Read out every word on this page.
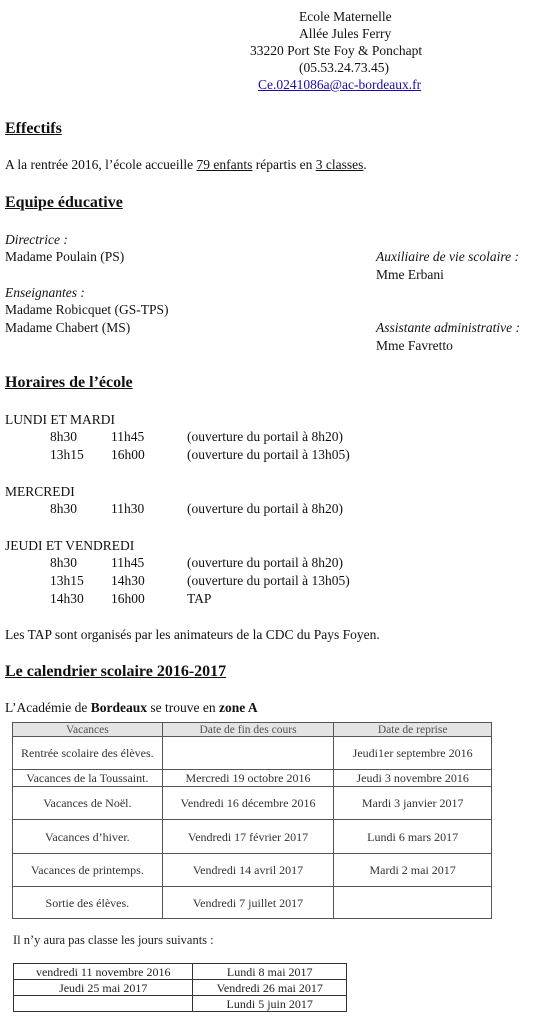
Ecole Maternelle
Allée Jules Ferry
33220 Port Ste Foy & Ponchapt
(05.53.24.73.45)
Ce.0241086a@ac-bordeaux.fr
Effectifs
A la rentrée 2016, l’école accueille 79 enfants répartis en 3 classes.
Equipe éducative
Directrice :
Madame Poulain (PS)
Enseignantes :
Madame Robicquet (GS-TPS)
Madame Chabert (MS)
Auxiliaire de vie scolaire :
Mme Erbani
Assistante administrative :
Mme Favretto
Horaires de l’école
LUNDI ET MARDI
8h30	11h45	(ouverture du portail à 8h20)
13h15 16h00	(ouverture du portail à 13h05)
MERCREDI
8h30	11h30	(ouverture du portail à 8h20)
JEUDI ET VENDREDI
8h30	11h45	(ouverture du portail à 8h20)
13h15 14h30	(ouverture du portail à 13h05)
14h30 16h00	TAP
Les TAP sont organisés par les animateurs de la CDC du Pays Foyen.
Le calendrier scolaire 2016-2017
L’Académie de Bordeaux se trouve en zone A
Vacances	Date de fin des cours	Date de reprise
Rentrée scolaire des élèves.		Jeudi1er septembre 2016
Vacances de la Toussaint.	Mercredi 19 octobre 2016	Jeudi 3 novembre 2016
Vacances de Noël.	Vendredi 16 décembre 2016	Mardi 3 janvier 2017
Vacances d’hiver.	Vendredi 17 février 2017	Lundi 6 mars 2017
Vacances de printemps.	Vendredi 14 avril 2017	Mardi 2 mai 2017
Sortie des élèves.	Vendredi 7 juillet 2017	
Il n’y aura pas classe les jours suivants :
vendredi 11 novembre 2016	Lundi 8 mai 2017
Jeudi 25 mai 2017	Vendredi 26 mai 2017
	Lundi 5 juin 2017
